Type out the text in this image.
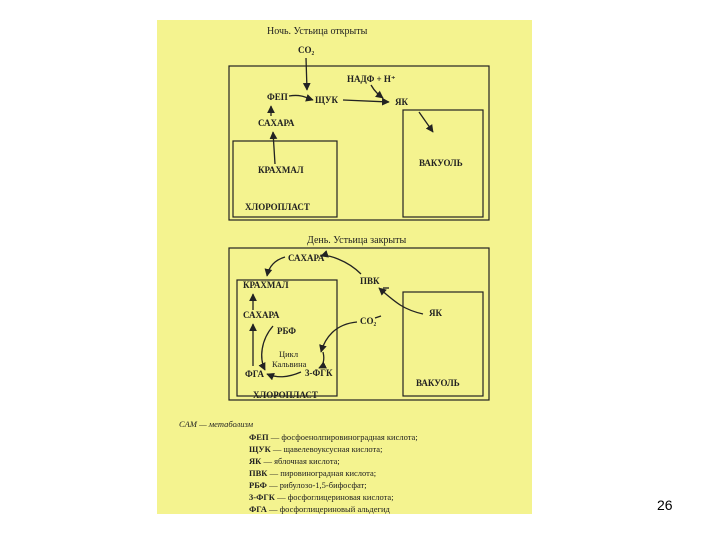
Ночь. Устьица открыты
CO₂
НАДФ + Н⁺
ФЕП	ЩУК	ЯК
САХАРА
КРАХМАЛ
ХЛОРОПЛАСТ
ВАКУОЛЬ
День. Устьица закрыты
САХАРА
ПВК
КРАХМАЛ
САХАРА
РБФ
CO₂
ЯК
Цикл
Кальвина
ФГА	3-ФГК
ХЛОРОПЛАСТ
ВАКУОЛЬ
CAM — метаболизм
ФЕП — фосфоенолпировиноградная кислота;
ЩУК — щавелевоуксусная кислота;
ЯК — яблочная кислота;
ПВК — пировиноградная кислота;
РБФ — рибулозо-1,5-бифосфат;
3-ФГК — фосфоглицериновая кислота;
ФГА — фосфоглицериновый альдегид	26
